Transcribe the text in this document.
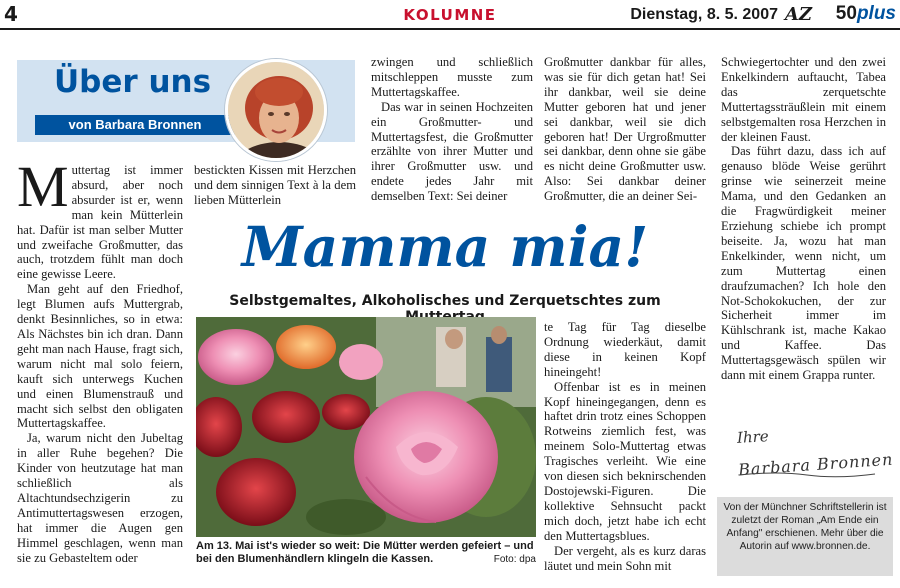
4	KOLUMNE	Dienstag, 8. 5. 2007 AZ 50plus
Über uns
von Barbara Bronnen

Muttertag ist immer absurd, aber noch absurder ist er, wenn man kein Mütterlein hat. Dafür ist man selber Mutter und zweifache Großmutter, das auch, trotzdem fühlt man doch eine gewisse Leere.

Man geht auf den Friedhof, legt Blumen aufs Muttergrab, denkt Besinnliches, so in etwa: Als Nächstes bin ich dran. Dann geht man nach Hause, fragt sich, warum nicht mal solo feiern, kauft sich unterwegs Kuchen und einen Blumenstrauß und macht sich selbst den obligaten Muttertagskaffee.

Ja, warum nicht den Jubeltag in aller Ruhe begehen? Die Kinder von heutzutage hat man schließlich als Altachtundsechzigerin zu Antimuttertagswesen erzogen, hat immer die Augen gen Himmel geschlagen, wenn man sie zu Gebasteltem oder

bestickten Kissen mit Herzchen und dem sinnigen Text à la dem lieben Mütterlein

zwingen und schließlich mitschleppen musste zum Muttertagskaffee.

Das war in seinen Hochzeiten ein Großmutter- und Muttertagsfest, die Großmutter erzählte von ihrer Mutter und ihrer Großmutter usw. und endete jedes Jahr mit demselben Text: Sei deiner

Großmutter dankbar für alles, was sie für dich getan hat! Sei ihr dankbar, weil sie deine Mutter geboren hat und jener sei dankbar, weil sie dich geboren hat! Der Urgroßmutter sei dankbar, denn ohne sie gäbe es nicht deine Großmutter usw. Also: Sei dankbar deiner Großmutter, die an deiner Sei-

Mamma mia!
Selbstgemaltes, Alkoholisches und Zerquetschtes zum
Am 13. Mai ist's wieder so weit: Die Mütter werden gefeiert – und bei den Blumenhändlern klingeln die Kassen.	Foto: dpa

te Tag für Tag dieselbe Ordnung wiederkäut, damit diese in keinen Kopf hineingeht!

Offenbar ist es in meinen Kopf hineingegangen, denn es haftet drin trotz eines Schoppen Rotweins ziemlich fest, was meinem Solo-Muttertag etwas Tragisches verleiht. Wie eine von diesen sich beknirschenden Dostojewski-Figuren. Die kollektive Sehnsucht packt mich doch, jetzt habe ich echt den Muttertagsblues.

Der vergeht, als es kurz daras läutet und mein Sohn mit

Schwiegertochter und den zwei Enkelkindern auftaucht, Tabea das zerquetschte Muttertagssträußlein mit einem selbstgemalten rosa Herzchen in der kleinen Faust.

Das führt dazu, dass ich auf genauso blöde Weise gerührt grinse wie seinerzeit meine Mama, und den Gedanken an die Fragwürdigkeit meiner Erziehung schiebe ich prompt beiseite. Ja, wozu hat man Enkelkinder, wenn nicht, um zum Muttertag einen draufzumachen? Ich hole den Not-Schokokuchen, der zur Sicherheit immer im Kühlschrank ist, mache Kakao und Kaffee. Das Muttertagsgewäsch spülen wir dann mit einem Grappa runter.

Ihre
Barbara Bronnen
Von der Münchner Schriftstellerin ist zuletzt der Roman „Am Ende ein Anfang" erschienen. Mehr über die Autorin auf www.bronnen.de.
